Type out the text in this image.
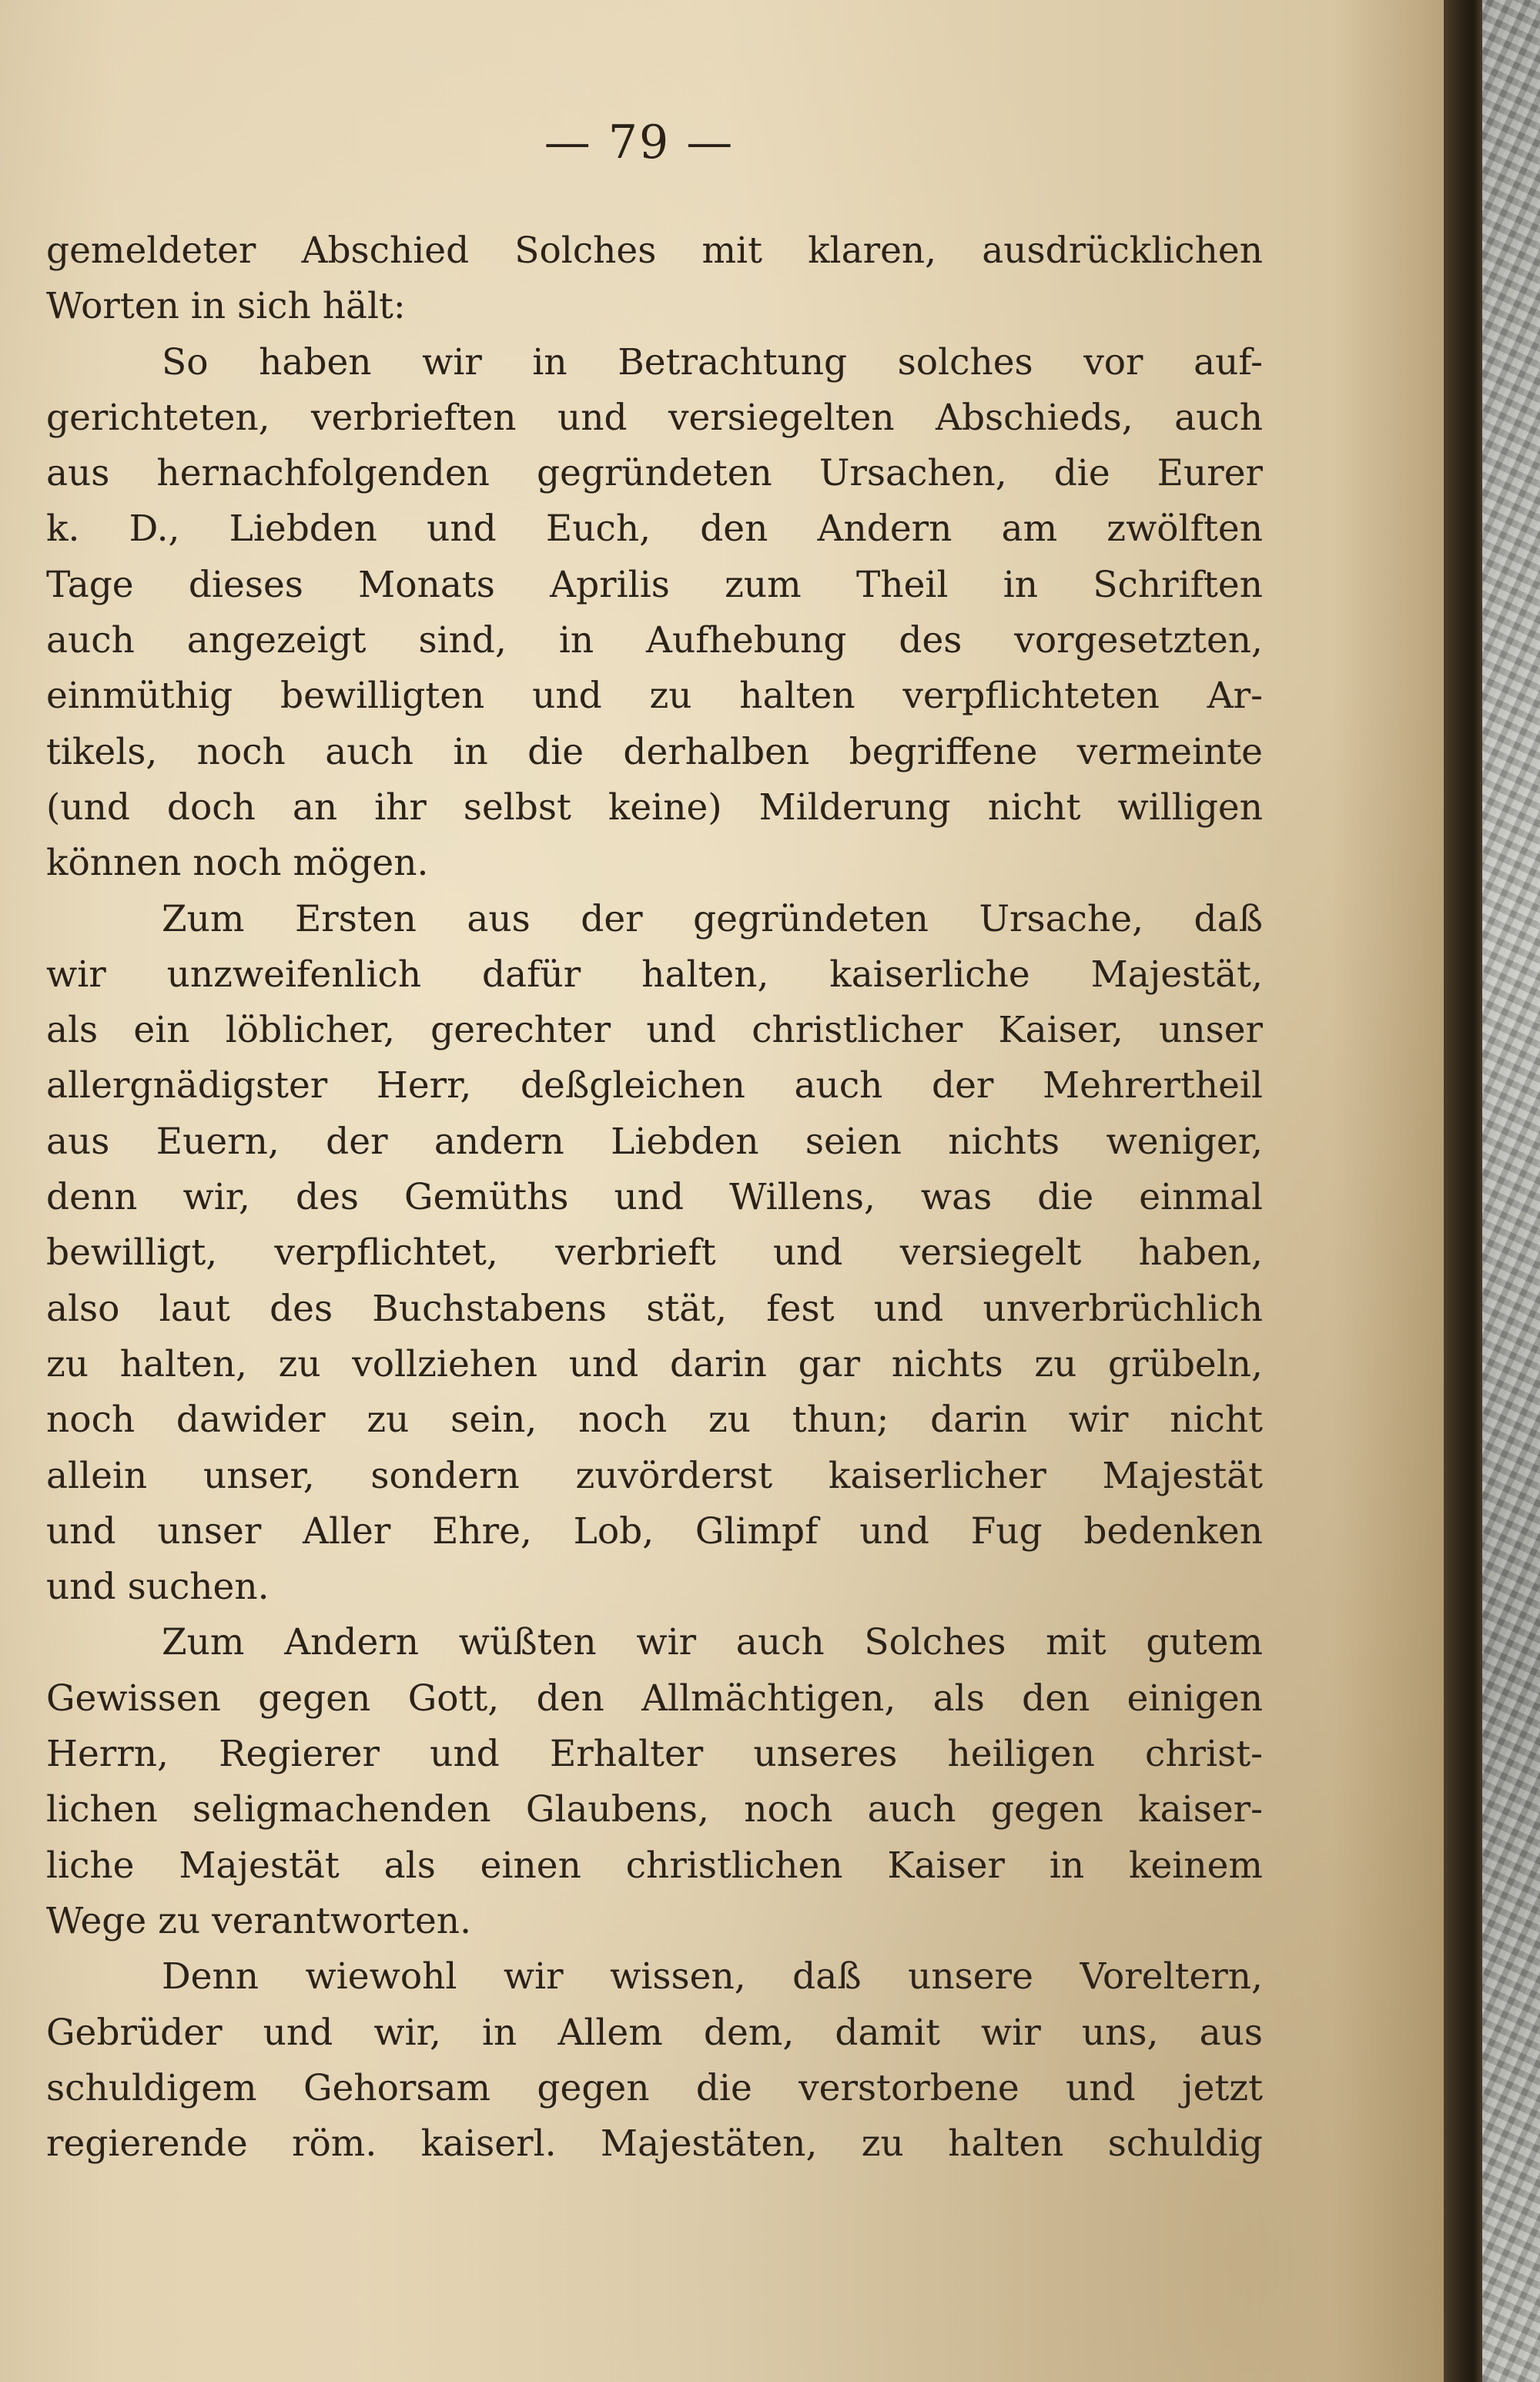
— 79 —
gemeldeter Abschied Solches mit klaren, ausdrücklichen
Worten in sich hält:
So haben wir in Betrachtung solches vor auf-
gerichteten, verbrieften und versiegelten Abschieds, auch
aus hernachfolgenden gegründeten Ursachen, die Eurer
k. D., Liebden und Euch, den Andern am zwölften
Tage dieses Monats Aprilis zum Theil in Schriften
auch angezeigt sind, in Aufhebung des vorgesetzten,
einmüthig bewilligten und zu halten verpflichteten Ar-
tikels, noch auch in die derhalben begriffene vermeinte
(und doch an ihr selbst keine) Milderung nicht willigen
können noch mögen.
Zum Ersten aus der gegründeten Ursache, daß
wir unzweifenlich dafür halten, kaiserliche Majestät,
als ein löblicher, gerechter und christlicher Kaiser, unser
allergnädigster Herr, deßgleichen auch der Mehrertheil
aus Euern, der andern Liebden seien nichts weniger,
denn wir, des Gemüths und Willens, was die einmal
bewilligt, verpflichtet, verbrieft und versiegelt haben,
also laut des Buchstabens stät, fest und unverbrüchlich
zu halten, zu vollziehen und darin gar nichts zu grübeln,
noch dawider zu sein, noch zu thun; darin wir nicht
allein unser, sondern zuvörderst kaiserlicher Majestät
und unser Aller Ehre, Lob, Glimpf und Fug bedenken
und suchen.
Zum Andern wüßten wir auch Solches mit gutem
Gewissen gegen Gott, den Allmächtigen, als den einigen
Herrn, Regierer und Erhalter unseres heiligen christ-
lichen seligmachenden Glaubens, noch auch gegen kaiser-
liche Majestät als einen christlichen Kaiser in keinem
Wege zu verantworten.
Denn wiewohl wir wissen, daß unsere Voreltern,
Gebrüder und wir, in Allem dem, damit wir uns, aus
schuldigem Gehorsam gegen die verstorbene und jetzt
regierende röm. kaiserl. Majestäten, zu halten schuldig
